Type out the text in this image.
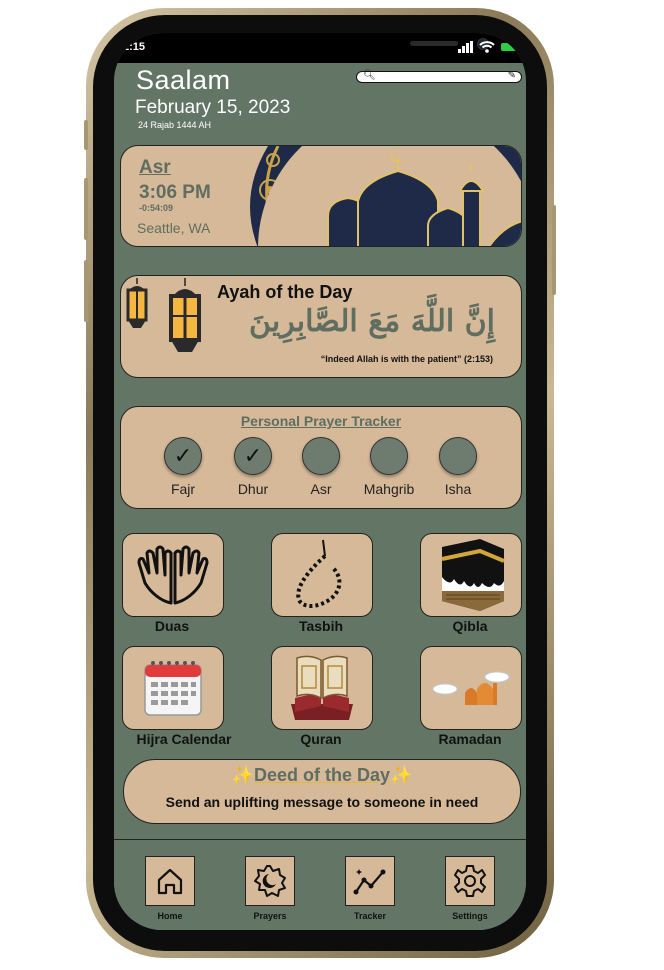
2:15
Saalam
February 15, 2023
24 Rajab 1444 AH
🔍︎	✎
Asr
3:06 PM
-0:54:09
Seattle, WA
Ayah of the Day
إِنَّ اللَّهَ مَعَ الصَّابِرِينَ
“Indeed Allah is with the patient” (2:153)
Personal Prayer Tracker
✓
Fajr
✓
Dhur	Asr	Mahgrib	Isha
Duas	Tasbih	Qibla
Hijra Calendar	Quran	Ramadan
✨Deed of the Day✨
Send an uplifting message to someone in need
Home	Prayers	Tracker	Settings
